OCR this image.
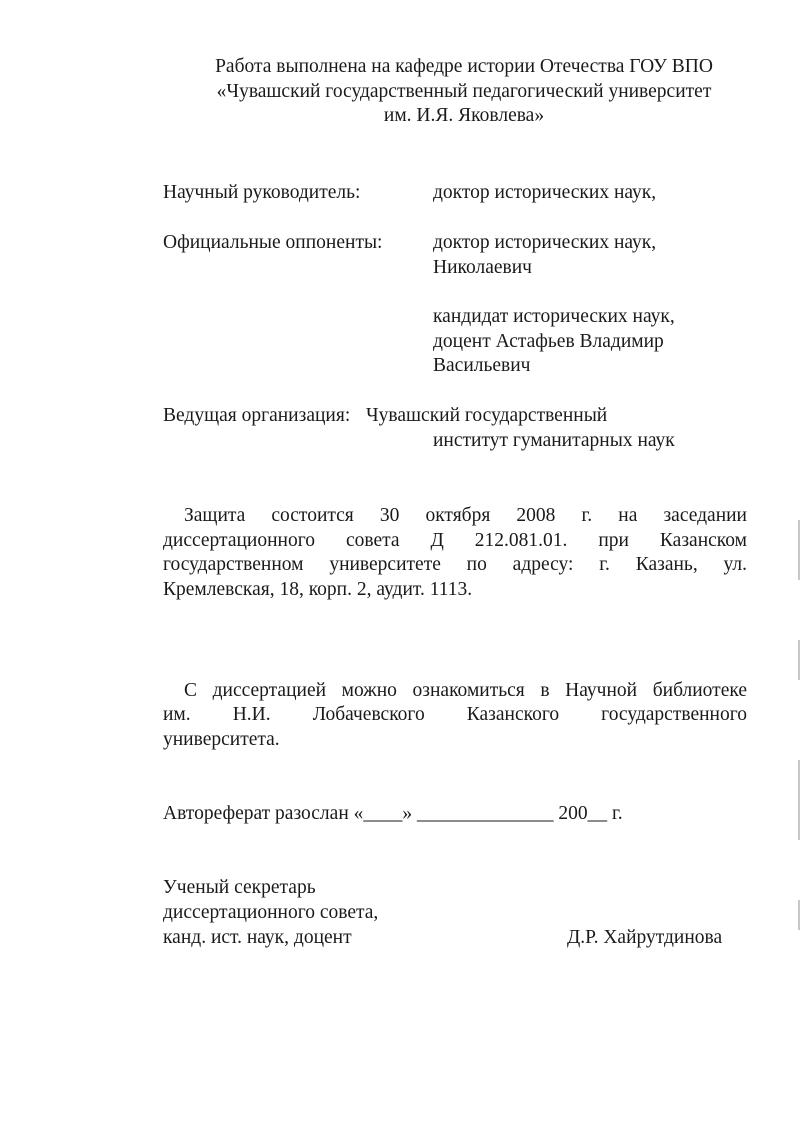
Работа выполнена на кафедре истории Отечества ГОУ ВПО
«Чувашский государственный педагогический университет
им. И.Я. Яковлева»
Научный руководитель:	доктор исторических наук,
Официальные оппоненты:	доктор исторических наук,
Николаевич
кандидат исторических наук,
доцент Астафьев Владимир
Васильевич
Ведущая организация: Чувашский государственный
институт гуманитарных наук
Защита состоится 30 октября 2008 г. на заседании
диссертационного совета Д 212.081.01. при Казанском
государственном университете по адресу: г. Казань, ул.
Кремлевская, 18, корп. 2, аудит. 1113.
С диссертацией можно ознакомиться в Научной библиотеке
им. Н.И. Лобачевского Казанского государственного
университета.
Автореферат разослан «____» ______________ 200__ г.
Ученый секретарь
диссертационного совета,
канд. ист. наук, доцент	Д.Р. Хайрутдинова
